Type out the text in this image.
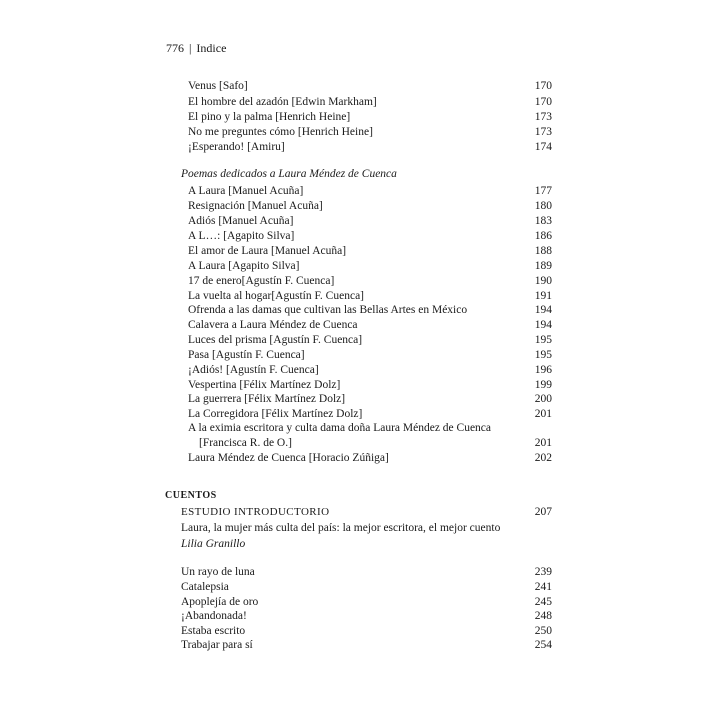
776 | Indice
Venus [Safo]	170
El hombre del azadón [Edwin Markham]	170
El pino y la palma [Henrich Heine]	173
No me preguntes cómo [Henrich Heine]	173
¡Esperando! [Amiru]	174
Poemas dedicados a Laura Méndez de Cuenca
A Laura [Manuel Acuña]	177
Resignación [Manuel Acuña]	180
Adiós [Manuel Acuña]	183
A L…: [Agapito Silva]	186
El amor de Laura [Manuel Acuña]	188
A Laura [Agapito Silva]	189
17 de enero[Agustín F. Cuenca]	190
La vuelta al hogar[Agustín F. Cuenca]	191
Ofrenda a las damas que cultivan las Bellas Artes en México	194
Calavera a Laura Méndez de Cuenca	194
Luces del prisma [Agustín F. Cuenca]	195
Pasa [Agustín F. Cuenca]	195
¡Adiós! [Agustín F. Cuenca]	196
Vespertina [Félix Martínez Dolz]	199
La guerrera [Félix Martínez Dolz]	200
La Corregidora [Félix Martínez Dolz]	201
A la eximia escritora y culta dama doña Laura Méndez de Cuenca
[Francisca R. de O.]	201
Laura Méndez de Cuenca [Horacio Zúñiga]	202
CUENTOS
ESTUDIO INTRODUCTORIO	207
Laura, la mujer más culta del país: la mejor escritora, el mejor cuento
Lilia Granillo
Un rayo de luna	239
Catalepsia	241
Apoplejía de oro	245
¡Abandonada!	248
Estaba escrito	250
Trabajar para sí	254
